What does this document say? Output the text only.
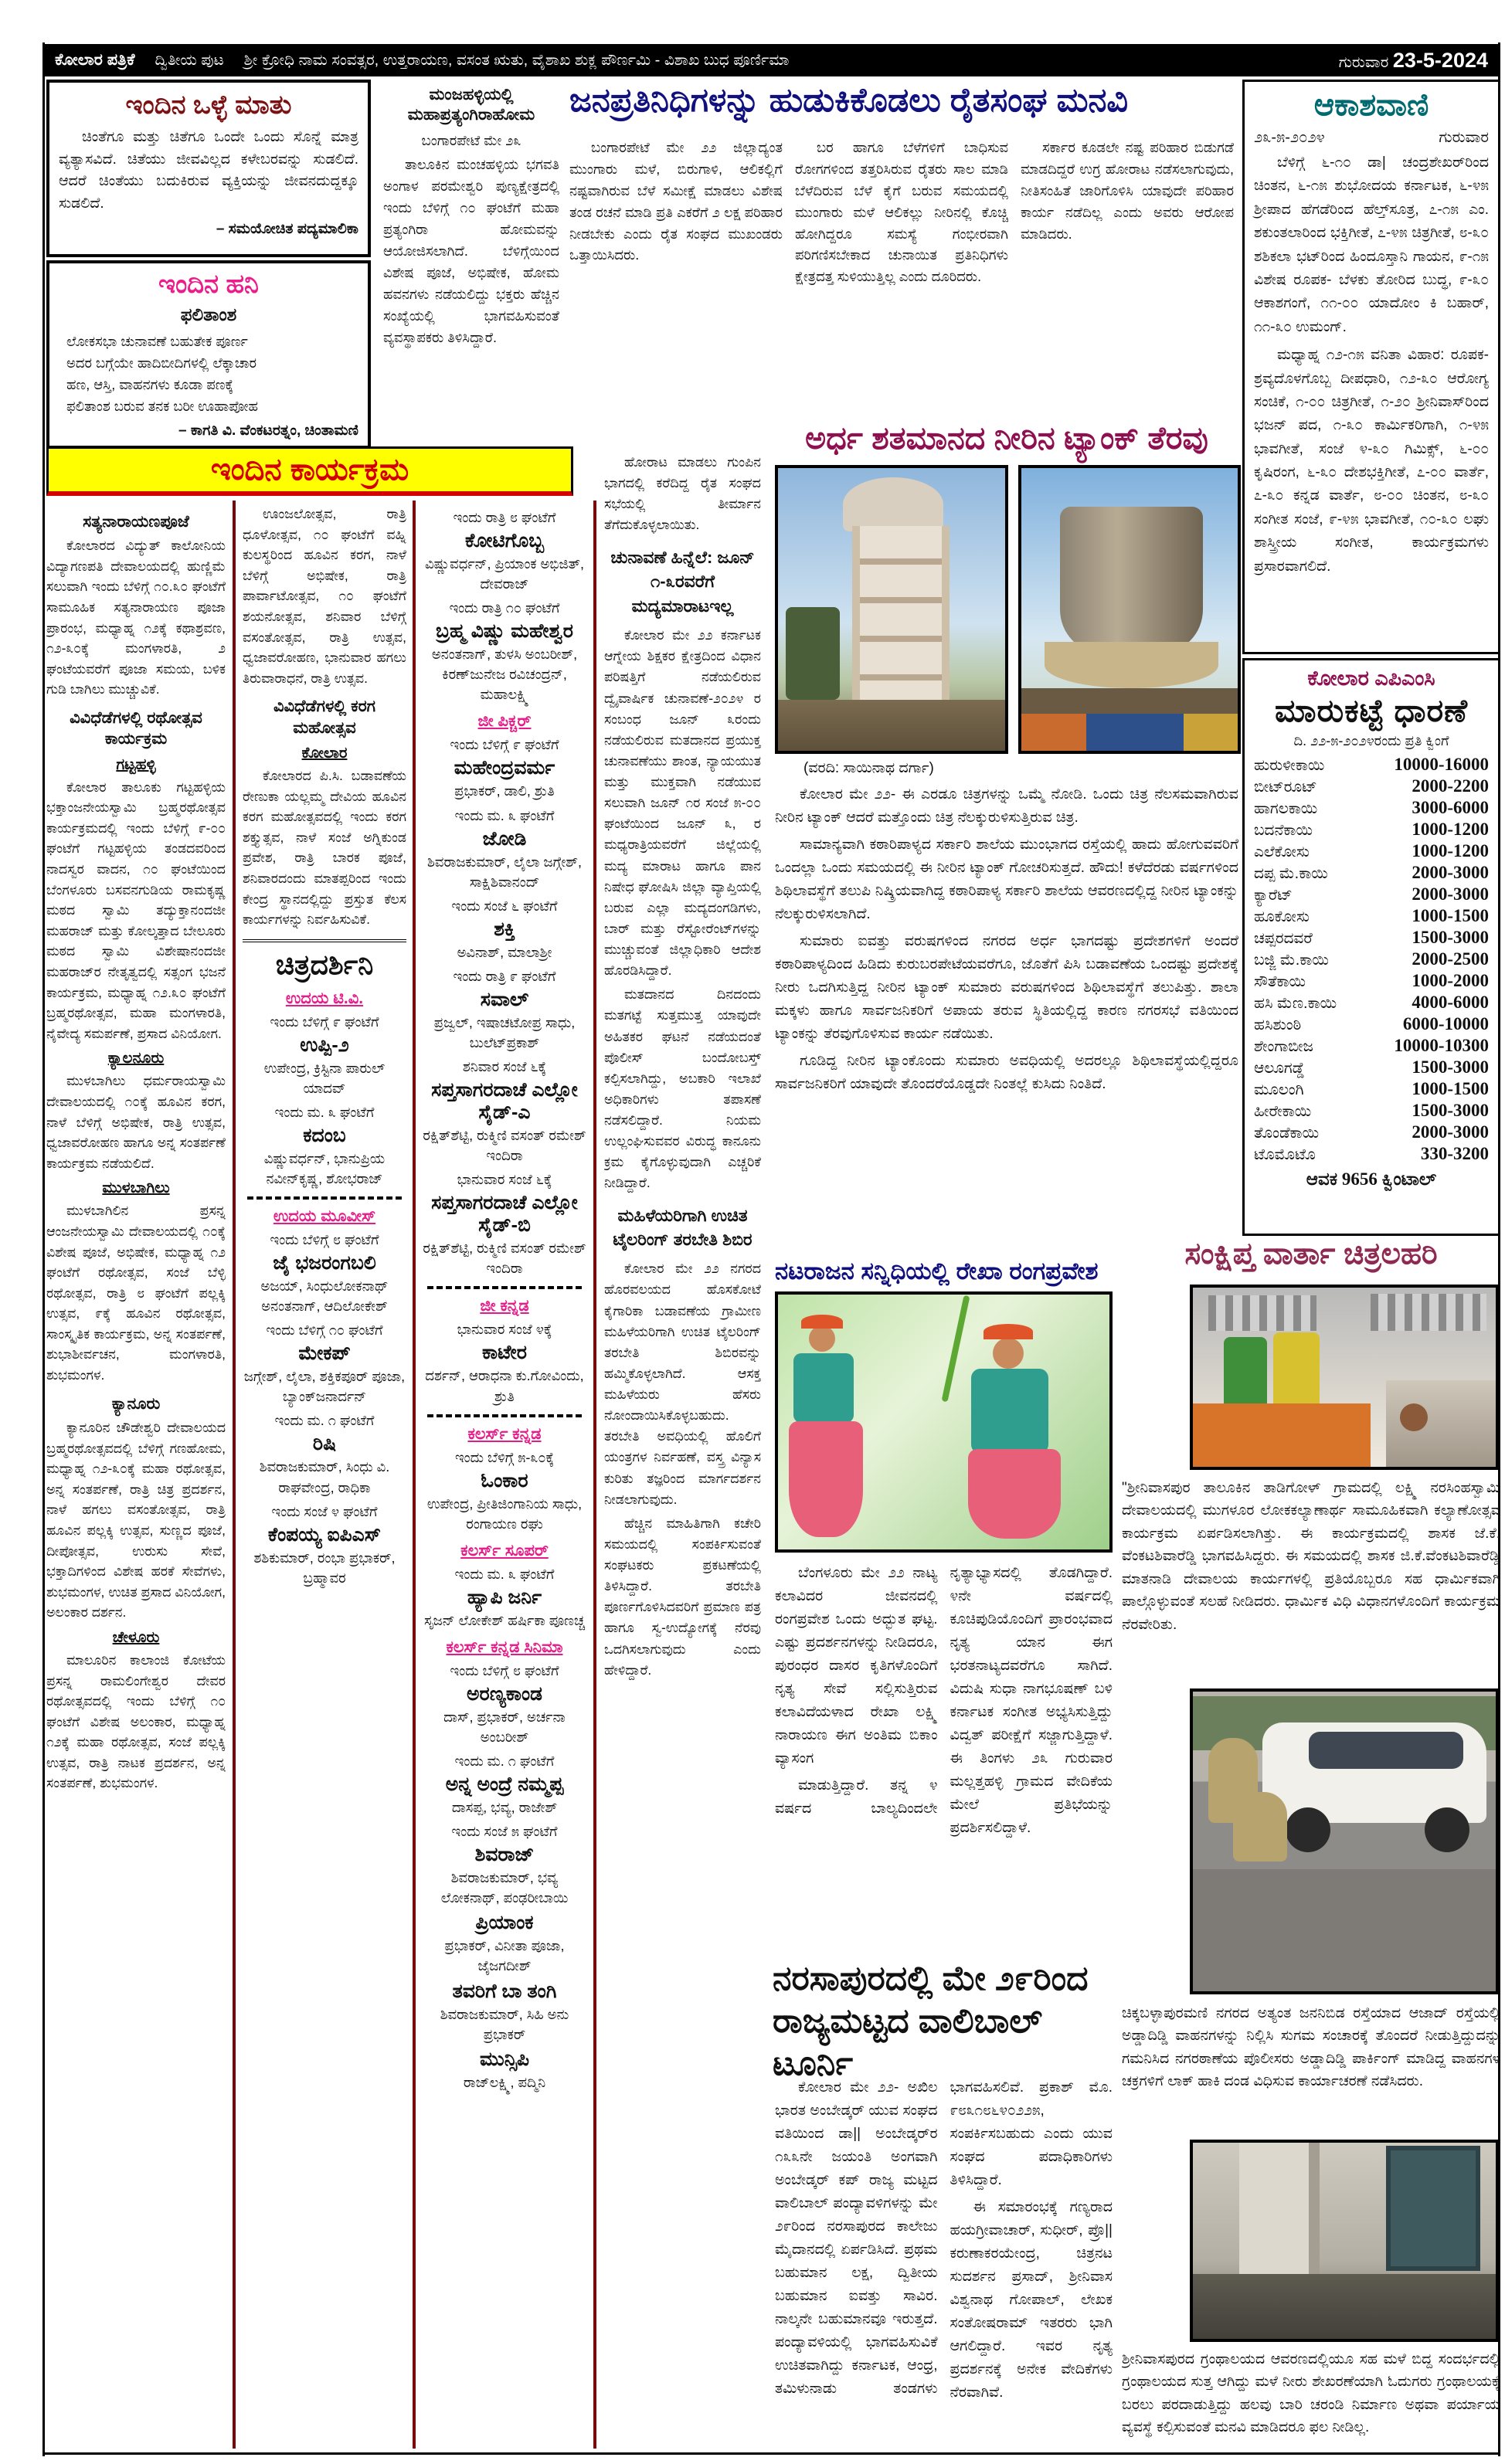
ಕೋಲಾರ ಪತ್ರಿಕೆ ದ್ವಿತೀಯ ಪುಟ ಶ್ರೀ ಕ್ರೋಧಿ ನಾಮ ಸಂವತ್ಸರ, ಉತ್ತರಾಯಣ, ವಸಂತ ಋತು, ವೈಶಾಖ ಶುಕ್ಲ ಪೌರ್ಣಮಿ - ವಿಶಾಖ ಬುಧ ಪೂರ್ಣಿಮಾ	ಗುರುವಾರ 23-5-2024
ಇಂದಿನ ಒಳ್ಳೆ ಮಾತು
ಚಿಂತೆಗೂ ಮತ್ತು ಚಿತೆಗೂ ಒಂದೇ ಒಂದು ಸೊನ್ನೆ ಮಾತ್ರ ವ್ಯತ್ಯಾಸವಿದೆ. ಚಿತೆಯು ಜೀವವಿಲ್ಲದ ಕಳೇಬರವನ್ನು ಸುಡಲಿದೆ. ಆದರೆ ಚಿಂತೆಯು ಬದುಕಿರುವ ವ್ಯಕ್ತಿಯನ್ನು ಜೀವನದುದ್ದಕ್ಕೂ ಸುಡಲಿದೆ.
– ಸಮಯೋಚಿತ ಪದ್ಯಮಾಲಿಕಾ
ಇಂದಿನ ಹನಿ
ಫಲಿತಾಂಶ
ಲೋಕಸಭಾ ಚುನಾವಣೆ ಬಹುತೇಕ ಪೂರ್ಣ
ಅದರ ಬಗ್ಗೆಯೇ ಹಾದಿಬೀದಿಗಳಲ್ಲಿ ಲೆಕ್ಕಾಚಾರ
ಹಣ, ಆಸ್ತಿ, ವಾಹನಗಳು ಕೂಡಾ ಪಣಕ್ಕೆ
ಫಲಿತಾಂಶ ಬರುವ ತನಕ ಬರೀ ಊಹಾಪೋಹ
– ಕಾಗತಿ ವಿ. ವೆಂಕಟರತ್ನಂ, ಚಿಂತಾಮಣಿ
ಮಂಜಹಳ್ಳಿಯಲ್ಲಿ ಮಹಾಪ್ರತ್ಯಂಗಿರಾಹೋಮ

ಬಂಗಾರಪೇಟೆ ಮೇ ೨೩

ತಾಲೂಕಿನ ಮಂಚಹಳ್ಳಿಯ ಭಗವತಿ ಅಂಗಾಳ ಪರಮೇಶ್ವರಿ ಪುಣ್ಯಕ್ಷೇತ್ರದಲ್ಲಿ ಇಂದು ಬೆಳಿಗ್ಗೆ ೧೦ ಘಂಟೆಗೆ ಮಹಾ ಪ್ರತ್ಯಂಗಿರಾ ಹೋಮವನ್ನು ಆಯೋಜಿಸಲಾಗಿದೆ. ಬೆಳಿಗ್ಗೆಯಿಂದ ವಿಶೇಷ ಪೂಜೆ, ಅಭಿಷೇಕ, ಹೋಮ ಹವನಗಳು ನಡೆಯಲಿದ್ದು ಭಕ್ತರು ಹೆಚ್ಚಿನ ಸಂಖ್ಯೆಯಲ್ಲಿ ಭಾಗವಹಿಸುವಂತೆ ವ್ಯವಸ್ಥಾಪಕರು ತಿಳಿಸಿದ್ದಾರೆ.

ಜನಪ್ರತಿನಿಧಿಗಳನ್ನು ಹುಡುಕಿಕೊಡಲು ರೈತಸಂಘ ಮನವಿ

ಬಂಗಾರಪೇಟೆ ಮೇ ೨೨ ಜಿಲ್ಲಾದ್ಯಂತ ಮುಂಗಾರು ಮಳೆ, ಬಿರುಗಾಳಿ, ಆಲಿಕಲ್ಲಿಗೆ ನಷ್ಟವಾಗಿರುವ ಬೆಳೆ ಸಮೀಕ್ಷೆ ಮಾಡಲು ವಿಶೇಷ ತಂಡ ರಚನೆ ಮಾಡಿ ಪ್ರತಿ ಎಕರೆಗೆ ೨ ಲಕ್ಷ ಪರಿಹಾರ ನೀಡಬೇಕು ಎಂದು ರೈತ ಸಂಘದ ಮುಖಂಡರು ಒತ್ತಾಯಿಸಿದರು.

ಬರ ಹಾಗೂ ಬೆಳೆಗಳಿಗೆ ಬಾಧಿಸುವ ರೋಗಗಳಿಂದ ತತ್ತರಿಸಿರುವ ರೈತರು ಸಾಲ ಮಾಡಿ ಬೆಳೆದಿರುವ ಬೆಳೆ ಕೈಗೆ ಬರುವ ಸಮಯದಲ್ಲಿ ಮುಂಗಾರು ಮಳೆ ಆಲಿಕಲ್ಲು ನೀರಿನಲ್ಲಿ ಕೊಚ್ಚಿ ಹೋಗಿದ್ದರೂ ಸಮಸ್ಯೆ ಗಂಭೀರವಾಗಿ ಪರಿಗಣಿಸಬೇಕಾದ ಚುನಾಯಿತ ಪ್ರತಿನಿಧಿಗಳು ಕ್ಷೇತ್ರದತ್ತ ಸುಳಿಯುತ್ತಿಲ್ಲ ಎಂದು ದೂರಿದರು.

ಸರ್ಕಾರ ಕೂಡಲೇ ನಷ್ಟ ಪರಿಹಾರ ಬಿಡುಗಡೆ ಮಾಡದಿದ್ದರೆ ಉಗ್ರ ಹೋರಾಟ ನಡೆಸಲಾಗುವುದು, ನೀತಿಸಂಹಿತೆ ಜಾರಿಗೊಳಿಸಿ ಯಾವುದೇ ಪರಿಹಾರ ಕಾರ್ಯ ನಡೆದಿಲ್ಲ ಎಂದು ಅವರು ಆರೋಪ ಮಾಡಿದರು.

ಆಕಾಶವಾಣಿ
೨೩-೫-೨೦೨೪	ಗುರುವಾರ

ಬೆಳಿಗ್ಗೆ ೬-೧೦ ಡಾ| ಚಂದ್ರಶೇಖರ್‌ರಿಂದ ಚಿಂತನ, ೬-೧೫ ಶುಭೋದಯ ಕರ್ನಾಟಕ, ೬-೪೫ ಶ್ರೀಪಾದ ಹೆಗಡೆರಿಂದ ಹೆಲ್ತ್‌ಸೂತ್ರ, ೭-೧೫ ಎಂ. ಶಕುಂತಲಾರಿಂದ ಭಕ್ತಿಗೀತೆ, ೭-೪೫ ಚಿತ್ರಗೀತೆ, ೮-೩೦ ಶಶಿಕಲಾ ಭಟ್‌ರಿಂದ ಹಿಂದೂಸ್ತಾನಿ ಗಾಯನ, ೯-೧೫ ವಿಶೇಷ ರೂಪಕ- ಬೆಳಕು ತೋರಿದ ಬುದ್ಧ, ೯-೩೦ ಆಕಾಶಗಂಗೆ, ೧೧-೦೦ ಯಾದೋಂ ಕಿ ಬಹಾರ್, ೧೧-೩೦ ಉಮಂಗ್.

ಮಧ್ಯಾಹ್ನ ೧೨-೧೫ ವನಿತಾ ವಿಹಾರ: ರೂಪಕ- ಶ್ರವ್ಯದೊಳಗೊಬ್ಬ ದೀಪಧಾರಿ, ೧೨-೩೦ ಆರೋಗ್ಯ ಸಂಚಿಕೆ, ೧-೦೦ ಚಿತ್ರಗೀತೆ, ೧-೨೦ ಶ್ರೀನಿವಾಸ್‌ರಿಂದ ಭಜನ್ ಪದ, ೧-೩೦ ಕಾರ್ಮಿಕರಿಗಾಗಿ, ೧-೪೫ ಭಾವಗೀತೆ, ಸಂಜೆ ೪-೩೦ ಗಿಮಿಕ್ಸ್, ೬-೦೦ ಕೃಷಿರಂಗ, ೬-೩೦ ದೇಶಭಕ್ತಿಗೀತೆ, ೭-೦೦ ವಾರ್ತೆ, ೭-೩೦ ಕನ್ನಡ ವಾರ್ತೆ, ೮-೦೦ ಚಿಂತನ, ೮-೩೦ ಸಂಗೀತ ಸಂಜೆ, ೯-೪೫ ಭಾವಗೀತೆ, ೧೦-೩೦ ಲಘು ಶಾಸ್ತ್ರೀಯ ಸಂಗೀತ, ಕಾರ್ಯಕ್ರಮಗಳು ಪ್ರಸಾರವಾಗಲಿದೆ.

ಕೋಲಾರ ಎಪಿಎಂಸಿ
ಮಾರುಕಟ್ಟೆ ಧಾರಣೆ
ದಿ. ೨೨-೫-೨೦೨೪ರಂದು ಪ್ರತಿ ಕ್ವಿಂಗೆ
ಹುರುಳೀಕಾಯಿ	10000-16000
ಬೀಟ್‌ರೂಟ್	2000-2200
ಹಾಗಲಕಾಯಿ	3000-6000
ಬದನೆಕಾಯಿ	1000-1200
ಎಲೆಕೋಸು	1000-1200
ದಪ್ಪ ಮೆ.ಕಾಯಿ	2000-3000
ಕ್ಯಾರೆಟ್	2000-3000
ಹೂಕೋಸು	1000-1500
ಚಪ್ಪರದವರೆ	1500-3000
ಬಜ್ಜಿ ಮೆ.ಕಾಯಿ	2000-2500
ಸೌತೆಕಾಯಿ	1000-2000
ಹಸಿ ಮೆಣ.ಕಾಯಿ	4000-6000
ಹಸಿಶುಂಠಿ	6000-10000
ಶೇಂಗಾಬೀಜ	10000-10300
ಆಲೂಗಡ್ಡೆ	1500-3000
ಮೂಲಂಗಿ	1000-1500
ಹೀರೇಕಾಯಿ	1500-3000
ತೊಂಡೆಕಾಯಿ	2000-3000
ಟೊಮೊಟೊ	330-3200
ಆವಕ 9656 ಕ್ವಿಂಟಾಲ್
ಅರ್ಧ ಶತಮಾನದ ನೀರಿನ ಟ್ಯಾಂಕ್ ತೆರವು
(ವರದಿ: ಸಾಯಿನಾಥ ದರ್ಗಾ)

ಕೋಲಾರ ಮೇ ೨೨- ಈ ಎರಡೂ ಚಿತ್ರಗಳನ್ನು ಒಮ್ಮೆ ನೋಡಿ. ಒಂದು ಚಿತ್ರ ನೆಲಸಮವಾಗಿರುವ ನೀರಿನ ಟ್ಯಾಂಕ್ ಆದರೆ ಮತ್ತೊಂದು ಚಿತ್ರ ನೆಲಕ್ಕುರುಳಿಸುತ್ತಿರುವ ಚಿತ್ರ.

ಸಾಮಾನ್ಯವಾಗಿ ಕಠಾರಿಪಾಳ್ಯದ ಸರ್ಕಾರಿ ಶಾಲೆಯ ಮುಂಭಾಗದ ರಸ್ತೆಯಲ್ಲಿ ಹಾದು ಹೋಗುವವರಿಗೆ ಒಂದಲ್ಲಾ ಒಂದು ಸಮಯದಲ್ಲಿ ಈ ನೀರಿನ ಟ್ಯಾಂಕ್ ಗೋಚರಿಸುತ್ತದೆ. ಹೌದು! ಕಳೆದೆರಡು ವರ್ಷಗಳಿಂದ ಶಿಥಿಲಾವಸ್ಥೆಗೆ ತಲುಪಿ ನಿಷ್ಕ್ರಿಯವಾಗಿದ್ದ ಕಠಾರಿಪಾಳ್ಯ ಸರ್ಕಾರಿ ಶಾಲೆಯ ಆವರಣದಲ್ಲಿದ್ದ ನೀರಿನ ಟ್ಯಾಂಕನ್ನು ನೆಲಕ್ಕುರುಳಿಸಲಾಗಿದೆ.

ಸುಮಾರು ಐವತ್ತು ವರುಷಗಳಿಂದ ನಗರದ ಅರ್ಧ ಭಾಗದಷ್ಟು ಪ್ರದೇಶಗಳಿಗೆ ಅಂದರೆ ಕಠಾರಿಪಾಳ್ಯದಿಂದ ಹಿಡಿದು ಕುರುಬರಪೇಟೆಯವರೆಗೂ, ಜೊತೆಗೆ ಪಿಸಿ ಬಡಾವಣೆಯ ಒಂದಷ್ಟು ಪ್ರದೇಶಕ್ಕೆ ನೀರು ಒದಗಿಸುತ್ತಿದ್ದ ನೀರಿನ ಟ್ಯಾಂಕ್ ಸುಮಾರು ವರುಷಗಳಿಂದ ಶಿಥಿಲಾವಸ್ಥೆಗೆ ತಲುಪಿತ್ತು. ಶಾಲಾ ಮಕ್ಕಳು ಹಾಗೂ ಸಾರ್ವಜನಿಕರಿಗೆ ಅಪಾಯ ತರುವ ಸ್ಥಿತಿಯಲ್ಲಿದ್ದ ಕಾರಣ ನಗರಸಭೆ ವತಿಯಿಂದ ಟ್ಯಾಂಕನ್ನು ತೆರವುಗೊಳಿಸುವ ಕಾರ್ಯ ನಡೆಯಿತು.

ಗೂಡಿದ್ದ ನೀರಿನ ಟ್ಯಾಂಕೊಂದು ಸುಮಾರು ಅವಧಿಯಲ್ಲಿ ಅದರಲ್ಲೂ ಶಿಥಿಲಾವಸ್ಥೆಯಲ್ಲಿದ್ದರೂ ಸಾರ್ವಜನಿಕರಿಗೆ ಯಾವುದೇ ತೊಂದರೆಯೊಡ್ಡದೇ ನಿಂತಲ್ಲೆ ಕುಸಿದು ನಿಂತಿದೆ.

ಇಂದಿನ ಕಾರ್ಯಕ್ರಮ
ಸತ್ಯನಾರಾಯಣಪೂಜೆ
ಕೋಲಾರದ ವಿದ್ಯುತ್ ಕಾಲೋನಿಯ ವಿದ್ಯಾಗಣಪತಿ ದೇವಾಲಯದಲ್ಲಿ ಹುಣ್ಣಿಮೆ ಸಲುವಾಗಿ ಇಂದು ಬೆಳಿಗ್ಗೆ ೧೦.೩೦ ಘಂಟೆಗೆ ಸಾಮೂಹಿಕ ಸತ್ಯನಾರಾಯಣ ಪೂಜಾ ಪ್ರಾರಂಭ, ಮಧ್ಯಾಹ್ನ ೧೨ಕ್ಕೆ ಕಥಾಶ್ರವಣ, ೧೨-೩೦ಕ್ಕೆ ಮಂಗಳಾರತಿ, ೨ ಘಂಟೆಯವರೆಗೆ ಪೂಜಾ ಸಮಯ, ಬಳಿಕ ಗುಡಿ ಬಾಗಿಲು ಮುಚ್ಚುವಿಕೆ.
ವಿವಿಧೆಡೆಗಳಲ್ಲಿ ರಥೋತ್ಸವ ಕಾರ್ಯಕ್ರಮ
ಗಟ್ಟಹಳ್ಳಿ
ಕೋಲಾರ ತಾಲೂಕು ಗಟ್ಟಹಳ್ಳಿಯ ಭಕ್ತಾಂಜನೇಯಸ್ವಾಮಿ ಬ್ರಹ್ಮರಥೋತ್ಸವ ಕಾರ್ಯಕ್ರಮದಲ್ಲಿ ಇಂದು ಬೆಳಿಗ್ಗೆ ೯-೦೦ ಘಂಟೆಗೆ ಗಟ್ಟಹಳ್ಳಿಯ ತಂಡದವರಿಂದ ನಾದಸ್ವರ ವಾದನ, ೧೦ ಘಂಟೆಯಿಂದ ಬೆಂಗಳೂರು ಬಸವನಗುಡಿಯ ರಾಮಕೃಷ್ಣ ಮಠದ ಸ್ವಾಮಿ ತದ್ಯುಕ್ತಾನಂದಜೀ ಮಹರಾಜ್ ಮತ್ತು ಕೋಲ್ಕತ್ತಾದ ಬೇಲೂರು ಮಠದ ಸ್ವಾಮಿ ವಿಶೇಷಾನಂದಜೀ ಮಹರಾಜ್‌ರ ನೇತೃತ್ವದಲ್ಲಿ ಸತ್ಸಂಗ ಭಜನೆ ಕಾರ್ಯಕ್ರಮ, ಮಧ್ಯಾಹ್ನ ೧೨.೩೦ ಘಂಟೆಗೆ ಬ್ರಹ್ಮರಥೋತ್ಸವ, ಮಹಾ ಮಂಗಳಾರತಿ, ನೈವೇದ್ಯ ಸಮರ್ಪಣೆ, ಪ್ರಸಾದ ವಿನಿಯೋಗ.
ಕ್ಯಾಲನೂರು
ಮುಳಬಾಗಿಲು ಧರ್ಮರಾಯಸ್ವಾಮಿ ದೇವಾಲಯದಲ್ಲಿ ೧೦ಕ್ಕೆ ಹೂವಿನ ಕರಗ, ನಾಳೆ ಬೆಳಿಗ್ಗೆ ಅಭಿಷೇಕ, ರಾತ್ರಿ ಉತ್ಸವ, ಧ್ವಜಾವರೋಹಣ ಹಾಗೂ ಅನ್ನ ಸಂತರ್ಪಣೆ ಕಾರ್ಯಕ್ರಮ ನಡೆಯಲಿದೆ.
ಮುಳಬಾಗಿಲು
ಮುಳಬಾಗಿಲಿನ ಪ್ರಸನ್ನ ಆಂಜನೇಯಸ್ವಾಮಿ ದೇವಾಲಯದಲ್ಲಿ ೧೦ಕ್ಕೆ ವಿಶೇಷ ಪೂಜೆ, ಅಭಿಷೇಕ, ಮಧ್ಯಾಹ್ನ ೧೨ ಘಂಟೆಗೆ ರಥೋತ್ಸವ, ಸಂಜೆ ಬೆಳ್ಳಿ ರಥೋತ್ಸವ, ರಾತ್ರಿ ೮ ಘಂಟೆಗೆ ಪಲ್ಲಕ್ಕಿ ಉತ್ಸವ, ೯ಕ್ಕೆ ಹೂವಿನ ರಥೋತ್ಸವ, ಸಾಂಸ್ಕೃತಿಕ ಕಾರ್ಯಕ್ರಮ, ಅನ್ನ ಸಂತರ್ಪಣೆ, ಶುಭಾಶೀರ್ವಚನ, ಮಂಗಳಾರತಿ, ಶುಭಮಂಗಳ.
ಕ್ಯಾನೂರು
ಕ್ಯಾನೂರಿನ ಚೌಡೇಶ್ವರಿ ದೇವಾಲಯದ ಬ್ರಹ್ಮರಥೋತ್ಸವದಲ್ಲಿ ಬೆಳಿಗ್ಗೆ ಗಣಹೋಮ, ಮಧ್ಯಾಹ್ನ ೧೨-೩೦ಕ್ಕೆ ಮಹಾ ರಥೋತ್ಸವ, ಅನ್ನ ಸಂತರ್ಪಣೆ, ರಾತ್ರಿ ಚಿತ್ರ ಪ್ರದರ್ಶನ, ನಾಳೆ ಹಗಲು ವಸಂತೋತ್ಸವ, ರಾತ್ರಿ ಹೂವಿನ ಪಲ್ಲಕ್ಕಿ ಉತ್ಸವ, ಸುಣ್ಣದ ಪೂಜೆ, ದೀಪೋತ್ಸವ, ಉರುಸು ಸೇವೆ, ಭಕ್ತಾದಿಗಳಿಂದ ವಿಶೇಷ ಹರಕೆ ಸೇವೆಗಳು, ಶುಭಮಂಗಳ, ಉಚಿತ ಪ್ರಸಾದ ವಿನಿಯೋಗ, ಅಲಂಕಾರ ದರ್ಶನ.
ಚೇಳೂರು
ಮಾಲೂರಿನ ಕಾಲಾಂಜಿ ಕೋಟೆಯ ಪ್ರಸನ್ನ ರಾಮಲಿಂಗೇಶ್ವರ ದೇವರ ರಥೋತ್ಸವದಲ್ಲಿ ಇಂದು ಬೆಳಿಗ್ಗೆ ೧೦ ಘಂಟೆಗೆ ವಿಶೇಷ ಅಲಂಕಾರ, ಮಧ್ಯಾಹ್ನ ೧೨ಕ್ಕೆ ಮಹಾ ರಥೋತ್ಸವ, ಸಂಜೆ ಪಲ್ಲಕ್ಕಿ ಉತ್ಸವ, ರಾತ್ರಿ ನಾಟಕ ಪ್ರದರ್ಶನ, ಅನ್ನ ಸಂತರ್ಪಣೆ, ಶುಭಮಂಗಳ.
ಊಂಜಲೋತ್ಸವ, ರಾತ್ರಿ ಧೂಳೋತ್ಸವ, ೧೦ ಘಂಟೆಗೆ ವಹ್ನಿ ಕುಲಸ್ಥರಿಂದ ಹೂವಿನ ಕರಗ, ನಾಳೆ ಬೆಳಿಗ್ಗೆ ಅಭಿಷೇಕ, ರಾತ್ರಿ ಪಾರ್ವಾಟೋತ್ಸವ, ೧೦ ಘಂಟೆಗೆ ಶಯನೋತ್ಸವ, ಶನಿವಾರ ಬೆಳಿಗ್ಗೆ ವಸಂತೋತ್ಸವ, ರಾತ್ರಿ ಉತ್ಸವ, ಧ್ವಜಾವರೋಹಣ, ಭಾನುವಾರ ಹಗಲು ತಿರುವಾರಾಧನೆ, ರಾತ್ರಿ ಉತ್ಸವ.
ವಿವಿಧೆಡೆಗಳಲ್ಲಿ ಕರಗ ಮಹೋತ್ಸವ
ಕೋಲಾರ
ಕೋಲಾರದ ಪಿ.ಸಿ. ಬಡಾವಣೆಯ ರೇಣುಕಾ ಯಲ್ಲಮ್ಮ ದೇವಿಯ ಹೂವಿನ ಕರಗ ಮಹೋತ್ಸವದಲ್ಲಿ ಇಂದು ಕರಗ ಶಕ್ತ್ಯುತ್ಸವ, ನಾಳೆ ಸಂಜೆ ಅಗ್ನಿಕುಂಡ ಪ್ರವೇಶ, ರಾತ್ರಿ ಬಾರಕ ಪೂಜೆ, ಶನಿವಾರದಂದು ಮಾತಪ್ಪರಿಂದ ಇಂದು ಕೇಂದ್ರ ಸ್ಥಾನದಲ್ಲಿದ್ದು ಪ್ರಸ್ತುತ ಕೆಲಸ ಕಾರ್ಯಗಳನ್ನು ನಿರ್ವಹಿಸುವಿಕೆ.
ಚಿತ್ರದರ್ಶಿನಿ
ಉದಯ ಟಿ.ವಿ.
ಇಂದು ಬೆಳಿಗ್ಗೆ ೯ ಘಂಟೆಗೆ
ಉಪ್ಪಿ-೨
ಉಪೇಂದ್ರ, ಕ್ರಿಸ್ಟಿನಾ ಪಾರುಲ್ ಯಾದವ್
ಇಂದು ಮ. ೩ ಘಂಟೆಗೆ
ಕದಂಬ
ವಿಷ್ಣುವರ್ಧನ್, ಭಾನುಪ್ರಿಯ ನವೀನ್‌ಕೃಷ್ಣ, ಶೋಭರಾಜ್
ಉದಯ ಮೂವೀಸ್
ಇಂದು ಬೆಳಿಗ್ಗೆ ೮ ಘಂಟೆಗೆ
ಜೈ ಭಜರಂಗಬಲಿ
ಅಜಯ್, ಸಿಂಧುಲೋಕನಾಥ್ ಅನಂತನಾಗ್, ಆದಿಲೋಕೇಶ್
ಇಂದು ಬೆಳಿಗ್ಗೆ ೧೦ ಘಂಟೆಗೆ
ಮೇಕಪ್
ಜಗ್ಗೇಶ್, ಲೈಲಾ, ಶಕ್ತಿಕಪೂರ್ ಪೂಜಾ, ಬ್ಯಾಂಕ್‌ಜನಾರ್ದನ್
ಇಂದು ಮ. ೧ ಘಂಟೆಗೆ
ರಿಷಿ
ಶಿವರಾಜಕುಮಾರ್, ಸಿಂಧು ವಿ. ರಾಘವೇಂದ್ರ, ರಾಧಿಕಾ
ಇಂದು ಸಂಜೆ ೪ ಘಂಟೆಗೆ
ಕೆಂಪಯ್ಯ ಐಪಿಎಸ್
ಶಶಿಕುಮಾರ್, ರಂಭಾ ಪ್ರಭಾಕರ್, ಬ್ರಹ್ಮಾವರ
ಇಂದು ರಾತ್ರಿ ೮ ಘಂಟೆಗೆ
ಕೋಟಿಗೊಬ್ಬ
ವಿಷ್ಣುವರ್ಧನ್, ಪ್ರಿಯಾಂಕ ಅಭಿಜಿತ್, ದೇವರಾಜ್
ಇಂದು ರಾತ್ರಿ ೧೦ ಘಂಟೆಗೆ
ಬ್ರಹ್ಮ ವಿಷ್ಣು ಮಹೇಶ್ವರ
ಅನಂತನಾಗ್, ತುಳಸಿ ಅಂಬರೀಶ್, ಕಿರಣ್‌ಜುನೇಜ ರವಿಚಂದ್ರನ್, ಮಹಾಲಕ್ಷ್ಮಿ
ಜೀ ಪಿಕ್ಚರ್
ಇಂದು ಬೆಳಿಗ್ಗೆ ೯ ಘಂಟೆಗೆ
ಮಹೇಂದ್ರವರ್ಮ
ಪ್ರಭಾಕರ್, ಡಾಲಿ, ಶ್ರುತಿ
ಇಂದು ಮ. ೩ ಘಂಟೆಗೆ
ಜೋಡಿ
ಶಿವರಾಜಕುಮಾರ್, ಲೈಲಾ ಜಗ್ಗೇಶ್, ಸಾಕ್ಷಿಶಿವಾನಂದ್
ಇಂದು ಸಂಜೆ ೬ ಘಂಟೆಗೆ
ಶಕ್ತಿ
ಅವಿನಾಶ್, ಮಾಲಾಶ್ರೀ
ಇಂದು ರಾತ್ರಿ ೯ ಘಂಟೆಗೆ
ಸವಾಲ್
ಪ್ರಜ್ವಲ್, ಇಷಾಚಟೋಪ್ರ ಸಾಧು, ಬುಲೆಟ್‌ಪ್ರಕಾಶ್
ಶನಿವಾರ ಸಂಜೆ ೬ಕ್ಕೆ
ಸಪ್ತಸಾಗರದಾಚೆ ಎಲ್ಲೋ ಸೈಡ್-ಎ
ರಕ್ಷಿತ್‌ಶೆಟ್ಟಿ, ರುಕ್ಮಿಣಿ ವಸಂತ್ ರಮೇಶ್ ಇಂದಿರಾ
ಭಾನುವಾರ ಸಂಜೆ ೬ಕ್ಕೆ
ಸಪ್ತಸಾಗರದಾಚೆ ಎಲ್ಲೋ ಸೈಡ್-ಬಿ
ರಕ್ಷಿತ್‌ಶೆಟ್ಟಿ, ರುಕ್ಮಿಣಿ ವಸಂತ್ ರಮೇಶ್ ಇಂದಿರಾ
ಜೀ ಕನ್ನಡ
ಭಾನುವಾರ ಸಂಜೆ ೪ಕ್ಕೆ
ಕಾಟೇರ
ದರ್ಶನ್, ಆರಾಧನಾ ಕು.ಗೋವಿಂದು, ಶ್ರುತಿ
ಕಲರ್ಸ್ ಕನ್ನಡ
ಇಂದು ಬೆಳಿಗ್ಗೆ ೫-೩೦ಕ್ಕೆ
ಓಂಕಾರ
ಉಪೇಂದ್ರ, ಪ್ರೀತಿಜಿಂಗಾನಿಯ ಸಾಧು, ರಂಗಾಯಣ ರಘು
ಕಲರ್ಸ್ ಸೂಪರ್
ಇಂದು ಮ. ೩ ಘಂಟೆಗೆ
ಹ್ಯಾಪಿ ಜರ್ನಿ
ಸೃಜನ್ ಲೋಕೇಶ್ ಹರ್ಷಿಕಾ ಪೂಣಚ್ಚ
ಕಲರ್ಸ್ ಕನ್ನಡ ಸಿನಿಮಾ
ಇಂದು ಬೆಳಿಗ್ಗೆ ೮ ಘಂಟೆಗೆ
ಅರಣ್ಯಕಾಂಡ
ದಾಸ್, ಪ್ರಭಾಕರ್, ಅರ್ಚನಾ ಅಂಬರೀಶ್
ಇಂದು ಮ. ೧ ಘಂಟೆಗೆ
ಅನ್ನ ಅಂದ್ರೆ ನಮ್ಮಪ್ಪ
ದಾಸಪ್ಪ, ಭವ್ಯ, ರಾಜೇಶ್
ಇಂದು ಸಂಜೆ ೫ ಘಂಟೆಗೆ
ಶಿವರಾಜ್
ಶಿವರಾಜಕುಮಾರ್, ಭವ್ಯ ಲೋಕನಾಥ್, ಪಂಢರೀಬಾಯಿ
ಪ್ರಿಯಾಂಕ
ಪ್ರಭಾಕರ್, ವಿನೀತಾ ಪೂಜಾ, ಜೈಜಗದೀಶ್
ತವರಿಗೆ ಬಾ ತಂಗಿ
ಶಿವರಾಜಕುಮಾರ್, ಸಿಹಿ ಅನು ಪ್ರಭಾಕರ್
ಮುನ್ಸಿಪಿ
ರಾಜ್‌ಲಕ್ಷ್ಮಿ, ಪದ್ಮಿನಿ

ಹೋರಾಟ ಮಾಡಲು ಗುಂಪಿನ ಭಾಗದಲ್ಲಿ ಕರೆದಿದ್ದ ರೈತ ಸಂಘದ ಸಭೆಯಲ್ಲಿ ತೀರ್ಮಾನ ತೆಗೆದುಕೊಳ್ಳಲಾಯಿತು.

ಚುನಾವಣೆ ಹಿನ್ನೆಲೆ: ಜೂನ್ ೧-೩ರವರೆಗೆ ಮದ್ಯಮಾರಾಟಇಲ್ಲ

ಕೋಲಾರ ಮೇ ೨೨ ಕರ್ನಾಟಕ ಆಗ್ನೇಯ ಶಿಕ್ಷಕರ ಕ್ಷೇತ್ರದಿಂದ ವಿಧಾನ ಪರಿಷತ್ತಿಗೆ ನಡೆಯಲಿರುವ ದ್ವೈವಾರ್ಷಿಕ ಚುನಾವಣೆ-೨೦೨೪ ರ ಸಂಬಂಧ ಜೂನ್ ೩ರಂದು ನಡೆಯಲಿರುವ ಮತದಾನದ ಪ್ರಯುಕ್ತ ಚುನಾವಣೆಯು ಶಾಂತ, ನ್ಯಾಯಯುತ ಮತ್ತು ಮುಕ್ತವಾಗಿ ನಡೆಯುವ ಸಲುವಾಗಿ ಜೂನ್ ೧ರ ಸಂಜೆ ೫-೦೦ ಘಂಟೆಯಿಂದ ಜೂನ್ ೩, ರ ಮಧ್ಯರಾತ್ರಿಯವರೆಗೆ ಜಿಲ್ಲೆಯಲ್ಲಿ ಮದ್ಯ ಮಾರಾಟ ಹಾಗೂ ಪಾನ ನಿಷೇಧ ಘೋಷಿಸಿ ಜಿಲ್ಲಾ ವ್ಯಾಪ್ತಿಯಲ್ಲಿ ಬರುವ ಎಲ್ಲಾ ಮದ್ಯದಂಗಡಿಗಳು, ಬಾರ್ ಮತ್ತು ರೆಸ್ಟೋರೆಂಟ್‌ಗಳನ್ನು ಮುಚ್ಚುವಂತೆ ಜಿಲ್ಲಾಧಿಕಾರಿ ಆದೇಶ ಹೊರಡಿಸಿದ್ದಾರೆ.

ಮತದಾನದ ದಿನದಂದು ಮತಗಟ್ಟೆ ಸುತ್ತಮುತ್ತ ಯಾವುದೇ ಅಹಿತಕರ ಘಟನೆ ನಡೆಯದಂತೆ ಪೊಲೀಸ್ ಬಂದೋಬಸ್ತ್ ಕಲ್ಪಿಸಲಾಗಿದ್ದು, ಅಬಕಾರಿ ಇಲಾಖೆ ಅಧಿಕಾರಿಗಳು ತಪಾಸಣೆ ನಡೆಸಲಿದ್ದಾರೆ. ನಿಯಮ ಉಲ್ಲಂಘಿಸುವವರ ವಿರುದ್ಧ ಕಾನೂನು ಕ್ರಮ ಕೈಗೊಳ್ಳುವುದಾಗಿ ಎಚ್ಚರಿಕೆ ನೀಡಿದ್ದಾರೆ.

ಮಹಿಳೆಯರಿಗಾಗಿ ಉಚಿತ ಟೈಲರಿಂಗ್ ತರಬೇತಿ ಶಿಬಿರ

ಕೋಲಾರ ಮೇ ೨೨ ನಗರದ ಹೊರವಲಯದ ಹೊಸಕೋಟೆ ಕೈಗಾರಿಕಾ ಬಡಾವಣೆಯ ಗ್ರಾಮೀಣ ಮಹಿಳೆಯರಿಗಾಗಿ ಉಚಿತ ಟೈಲರಿಂಗ್ ತರಬೇತಿ ಶಿಬಿರವನ್ನು ಹಮ್ಮಿಕೊಳ್ಳಲಾಗಿದೆ. ಆಸಕ್ತ ಮಹಿಳೆಯರು ಹೆಸರು ನೋಂದಾಯಿಸಿಕೊಳ್ಳಬಹುದು. ತರಬೇತಿ ಅವಧಿಯಲ್ಲಿ ಹೊಲಿಗೆ ಯಂತ್ರಗಳ ನಿರ್ವಹಣೆ, ವಸ್ತ್ರ ವಿನ್ಯಾಸ ಕುರಿತು ತಜ್ಞರಿಂದ ಮಾರ್ಗದರ್ಶನ ನೀಡಲಾಗುವುದು.

ಹೆಚ್ಚಿನ ಮಾಹಿತಿಗಾಗಿ ಕಚೇರಿ ಸಮಯದಲ್ಲಿ ಸಂಪರ್ಕಿಸುವಂತೆ ಸಂಘಟಕರು ಪ್ರಕಟಣೆಯಲ್ಲಿ ತಿಳಿಸಿದ್ದಾರೆ. ತರಬೇತಿ ಪೂರ್ಣಗೊಳಿಸಿದವರಿಗೆ ಪ್ರಮಾಣ ಪತ್ರ ಹಾಗೂ ಸ್ವ-ಉದ್ಯೋಗಕ್ಕೆ ನೆರವು ಒದಗಿಸಲಾಗುವುದು ಎಂದು ಹೇಳಿದ್ದಾರೆ.

ನಟರಾಜನ ಸನ್ನಿಧಿಯಲ್ಲಿ ರೇಖಾ ರಂಗಪ್ರವೇಶ

ಬೆಂಗಳೂರು ಮೇ ೨೨ ನಾಟ್ಯ ಕಲಾವಿದರ ಜೀವನದಲ್ಲಿ ರಂಗಪ್ರವೇಶ ಒಂದು ಅದ್ಭುತ ಘಟ್ಟ. ಎಷ್ಟು ಪ್ರದರ್ಶನಗಳನ್ನು ನೀಡಿದರೂ, ಪುರಂಧರ ದಾಸರ ಕೃತಿಗಳೊಂದಿಗೆ ನೃತ್ಯ ಸೇವೆ ಸಲ್ಲಿಸುತ್ತಿರುವ ಕಲಾವಿದೆಯಳಾದ ರೇಖಾ ಲಕ್ಷ್ಮಿ ನಾರಾಯಣ ಈಗ ಅಂತಿಮ ಬಿಕಾಂ ವ್ಯಾಸಂಗ

ಮಾಡುತ್ತಿದ್ದಾರೆ. ತನ್ನ ೪ ವರ್ಷದ ಬಾಲ್ಯದಿಂದಲೇ ನೃತ್ಯಾಭ್ಯಾಸದಲ್ಲಿ ತೊಡಗಿದ್ದಾರೆ. ೪ನೇ ವರ್ಷದಲ್ಲಿ ಕೂಚಿಪುಡಿಯೊಂದಿಗೆ ಪ್ರಾರಂಭವಾದ ನೃತ್ಯ ಯಾನ ಈಗ ಭರತನಾಟ್ಯದವರೆಗೂ ಸಾಗಿದೆ. ವಿದುಷಿ ಸುಧಾ ನಾಗಭೂಷಣ್ ಬಳಿ ಕರ್ನಾಟಕ ಸಂಗೀತ ಅಭ್ಯಸಿಸುತ್ತಿದ್ದು ವಿದ್ವತ್ ಪರೀಕ್ಷೆಗೆ ಸಜ್ಜಾಗುತ್ತಿದ್ದಾಳೆ. ಈ ತಿಂಗಳು ೨೩ ಗುರುವಾರ ಮಲ್ಲತ್ತಹಳ್ಳಿ ಗ್ರಾಮದ ವೇದಿಕೆಯ ಮೇಲೆ ಪ್ರತಿಭೆಯನ್ನು ಪ್ರದರ್ಶಿಸಲಿದ್ದಾಳೆ.

ನರಸಾಪುರದಲ್ಲಿ ಮೇ ೨೯ರಿಂದ
ರಾಜ್ಯಮಟ್ಟದ ವಾಲಿಬಾಲ್ ಟೂರ್ನಿ

ಕೋಲಾರ ಮೇ ೨೨- ಅಖಿಲ ಭಾರತ ಅಂಬೇಡ್ಕರ್ ಯುವ ಸಂಘದ ವತಿಯಿಂದ ಡಾ|| ಅಂಬೇಡ್ಕರ್‌ರ ೧೩೩ನೇ ಜಯಂತಿ ಅಂಗವಾಗಿ ಅಂಬೇಡ್ಕರ್ ಕಪ್ ರಾಜ್ಯ ಮಟ್ಟದ ವಾಲಿಬಾಲ್ ಪಂದ್ಯಾವಳಿಗಳನ್ನು ಮೇ ೨೯ರಿಂದ ನರಸಾಪುರದ ಕಾಲೇಜು ಮೈದಾನದಲ್ಲಿ ಏರ್ಪಡಿಸಿದೆ. ಪ್ರಥಮ ಬಹುಮಾನ ಲಕ್ಷ, ದ್ವಿತೀಯ ಬಹುಮಾನ ಐವತ್ತು ಸಾವಿರ. ನಾಲ್ಕನೇ ಬಹುಮಾನವೂ ಇರುತ್ತದೆ. ಪಂದ್ಯಾವಳಿಯಲ್ಲಿ ಭಾಗವಹಿಸುವಿಕೆ ಉಚಿತವಾಗಿದ್ದು ಕರ್ನಾಟಕ, ಆಂಧ್ರ, ತಮಿಳುನಾಡು ತಂಡಗಳು ಭಾಗವಹಿಸಲಿವೆ. ಪ್ರಕಾಶ್ ಮೊ. ೯೮೩೧೮೬೪೦೨೨೫, ಸಂಪರ್ಕಿಸಬಹುದು ಎಂದು ಯುವ ಸಂಘದ ಪದಾಧಿಕಾರಿಗಳು ತಿಳಿಸಿದ್ದಾರೆ.

ಈ ಸಮಾರಂಭಕ್ಕೆ ಗಣ್ಯರಾದ ಹಯಗ್ರೀವಾಚಾರ್, ಸುಧೀರ್, ಪ್ರೊ|| ಕರುಣಾಕರಯೇಂದ್ರ, ಚಿತ್ರನಟ ಸುದರ್ಶನ ಪ್ರಸಾದ್, ಶ್ರೀನಿವಾಸ ವಿಶ್ವನಾಥ ಗೋಪಾಲ್, ಲೇಖಕ ಸಂತೋಷರಾಮ್ ಇತರರು ಭಾಗಿ ಆಗಲಿದ್ದಾರೆ. ಇವರ ನೃತ್ಯ ಪ್ರದರ್ಶನಕ್ಕೆ ಅನೇಕ ವೇದಿಕೆಗಳು ನೆರವಾಗಿವೆ.

ಸಂಕ್ಷಿಪ್ತ ವಾರ್ತಾ ಚಿತ್ರಲಹರಿ
"ಶ್ರೀನಿವಾಸಪುರ ತಾಲೂಕಿನ ತಾಡಿಗೋಳ್ ಗ್ರಾಮದಲ್ಲಿ ಲಕ್ಷ್ಮಿ ನರಸಿಂಹಸ್ವಾಮಿ ದೇವಾಲಯದಲ್ಲಿ ಮುಗಳೂರ ಲೋಕಕಲ್ಯಾಣಾರ್ಥ ಸಾಮೂಹಿಕವಾಗಿ ಕಲ್ಯಾಣೋತ್ಸವ ಕಾರ್ಯಕ್ರಮ ಏರ್ಪಡಿಸಲಾಗಿತ್ತು. ಈ ಕಾರ್ಯಕ್ರಮದಲ್ಲಿ ಶಾಸಕ ಜೆ.ಕೆ. ವೆಂಕಟಶಿವಾರೆಡ್ಡಿ ಭಾಗವಹಿಸಿದ್ದರು. ಈ ಸಮಯದಲ್ಲಿ ಶಾಸಕ ಜಿ.ಕೆ.ವೆಂಕಟಶಿವಾರೆಡ್ಡಿ ಮಾತನಾಡಿ ದೇವಾಲಯ ಕಾರ್ಯಗಳಲ್ಲಿ ಪ್ರತಿಯೊಬ್ಬರೂ ಸಹ ಧಾರ್ಮಿಕವಾಗಿ ಪಾಲ್ಗೊಳ್ಳುವಂತೆ ಸಲಹೆ ನೀಡಿದರು. ಧಾರ್ಮಿಕ ವಿಧಿ ವಿಧಾನಗಳೊಂದಿಗೆ ಕಾರ್ಯಕ್ರಮ ನೆರವೇರಿತು.
ಚಿಕ್ಕಬಳ್ಳಾಪುರಮಣಿ ನಗರದ ಅತ್ಯಂತ ಜನನಿಬಿಡ ರಸ್ತೆಯಾದ ಆಜಾದ್ ರಸ್ತೆಯಲ್ಲಿ ಅಡ್ಡಾದಿಡ್ಡಿ ವಾಹನಗಳನ್ನು ನಿಲ್ಲಿಸಿ ಸುಗಮ ಸಂಚಾರಕ್ಕೆ ತೊಂದರೆ ನೀಡುತ್ತಿದ್ದುದನ್ನು ಗಮನಿಸಿದ ನಗರಠಾಣೆಯ ಪೊಲೀಸರು ಅಡ್ಡಾದಿಡ್ಡಿ ಪಾರ್ಕಿಂಗ್ ಮಾಡಿದ್ದ ವಾಹನಗಳ ಚಕ್ರಗಳಿಗೆ ಲಾಕ್ ಹಾಕಿ ದಂಡ ವಿಧಿಸುವ ಕಾರ್ಯಾಚರಣೆ ನಡೆಸಿದರು.
ಶ್ರೀನಿವಾಸಪುರದ ಗ್ರಂಥಾಲಯದ ಆವರಣದಲ್ಲಿಯೂ ಸಹ ಮಳೆ ಬಿದ್ದ ಸಂದರ್ಭದಲ್ಲಿ ಗ್ರಂಥಾಲಯದ ಸುತ್ತ ಆಗಿದ್ದು ಮಳೆ ನೀರು ಶೇಖರಣೆಯಾಗಿ ಓದುಗರು ಗ್ರಂಥಾಲಯಕ್ಕೆ ಬರಲು ಪರದಾಡುತ್ತಿದ್ದು ಹಲವು ಬಾರಿ ಚರಂಡಿ ನಿರ್ಮಾಣ ಅಥವಾ ಪರ್ಯಾಯ ವ್ಯವಸ್ಥೆ ಕಲ್ಪಿಸುವಂತೆ ಮನವಿ ಮಾಡಿದರೂ ಫಲ ನೀಡಿಲ್ಲ.
